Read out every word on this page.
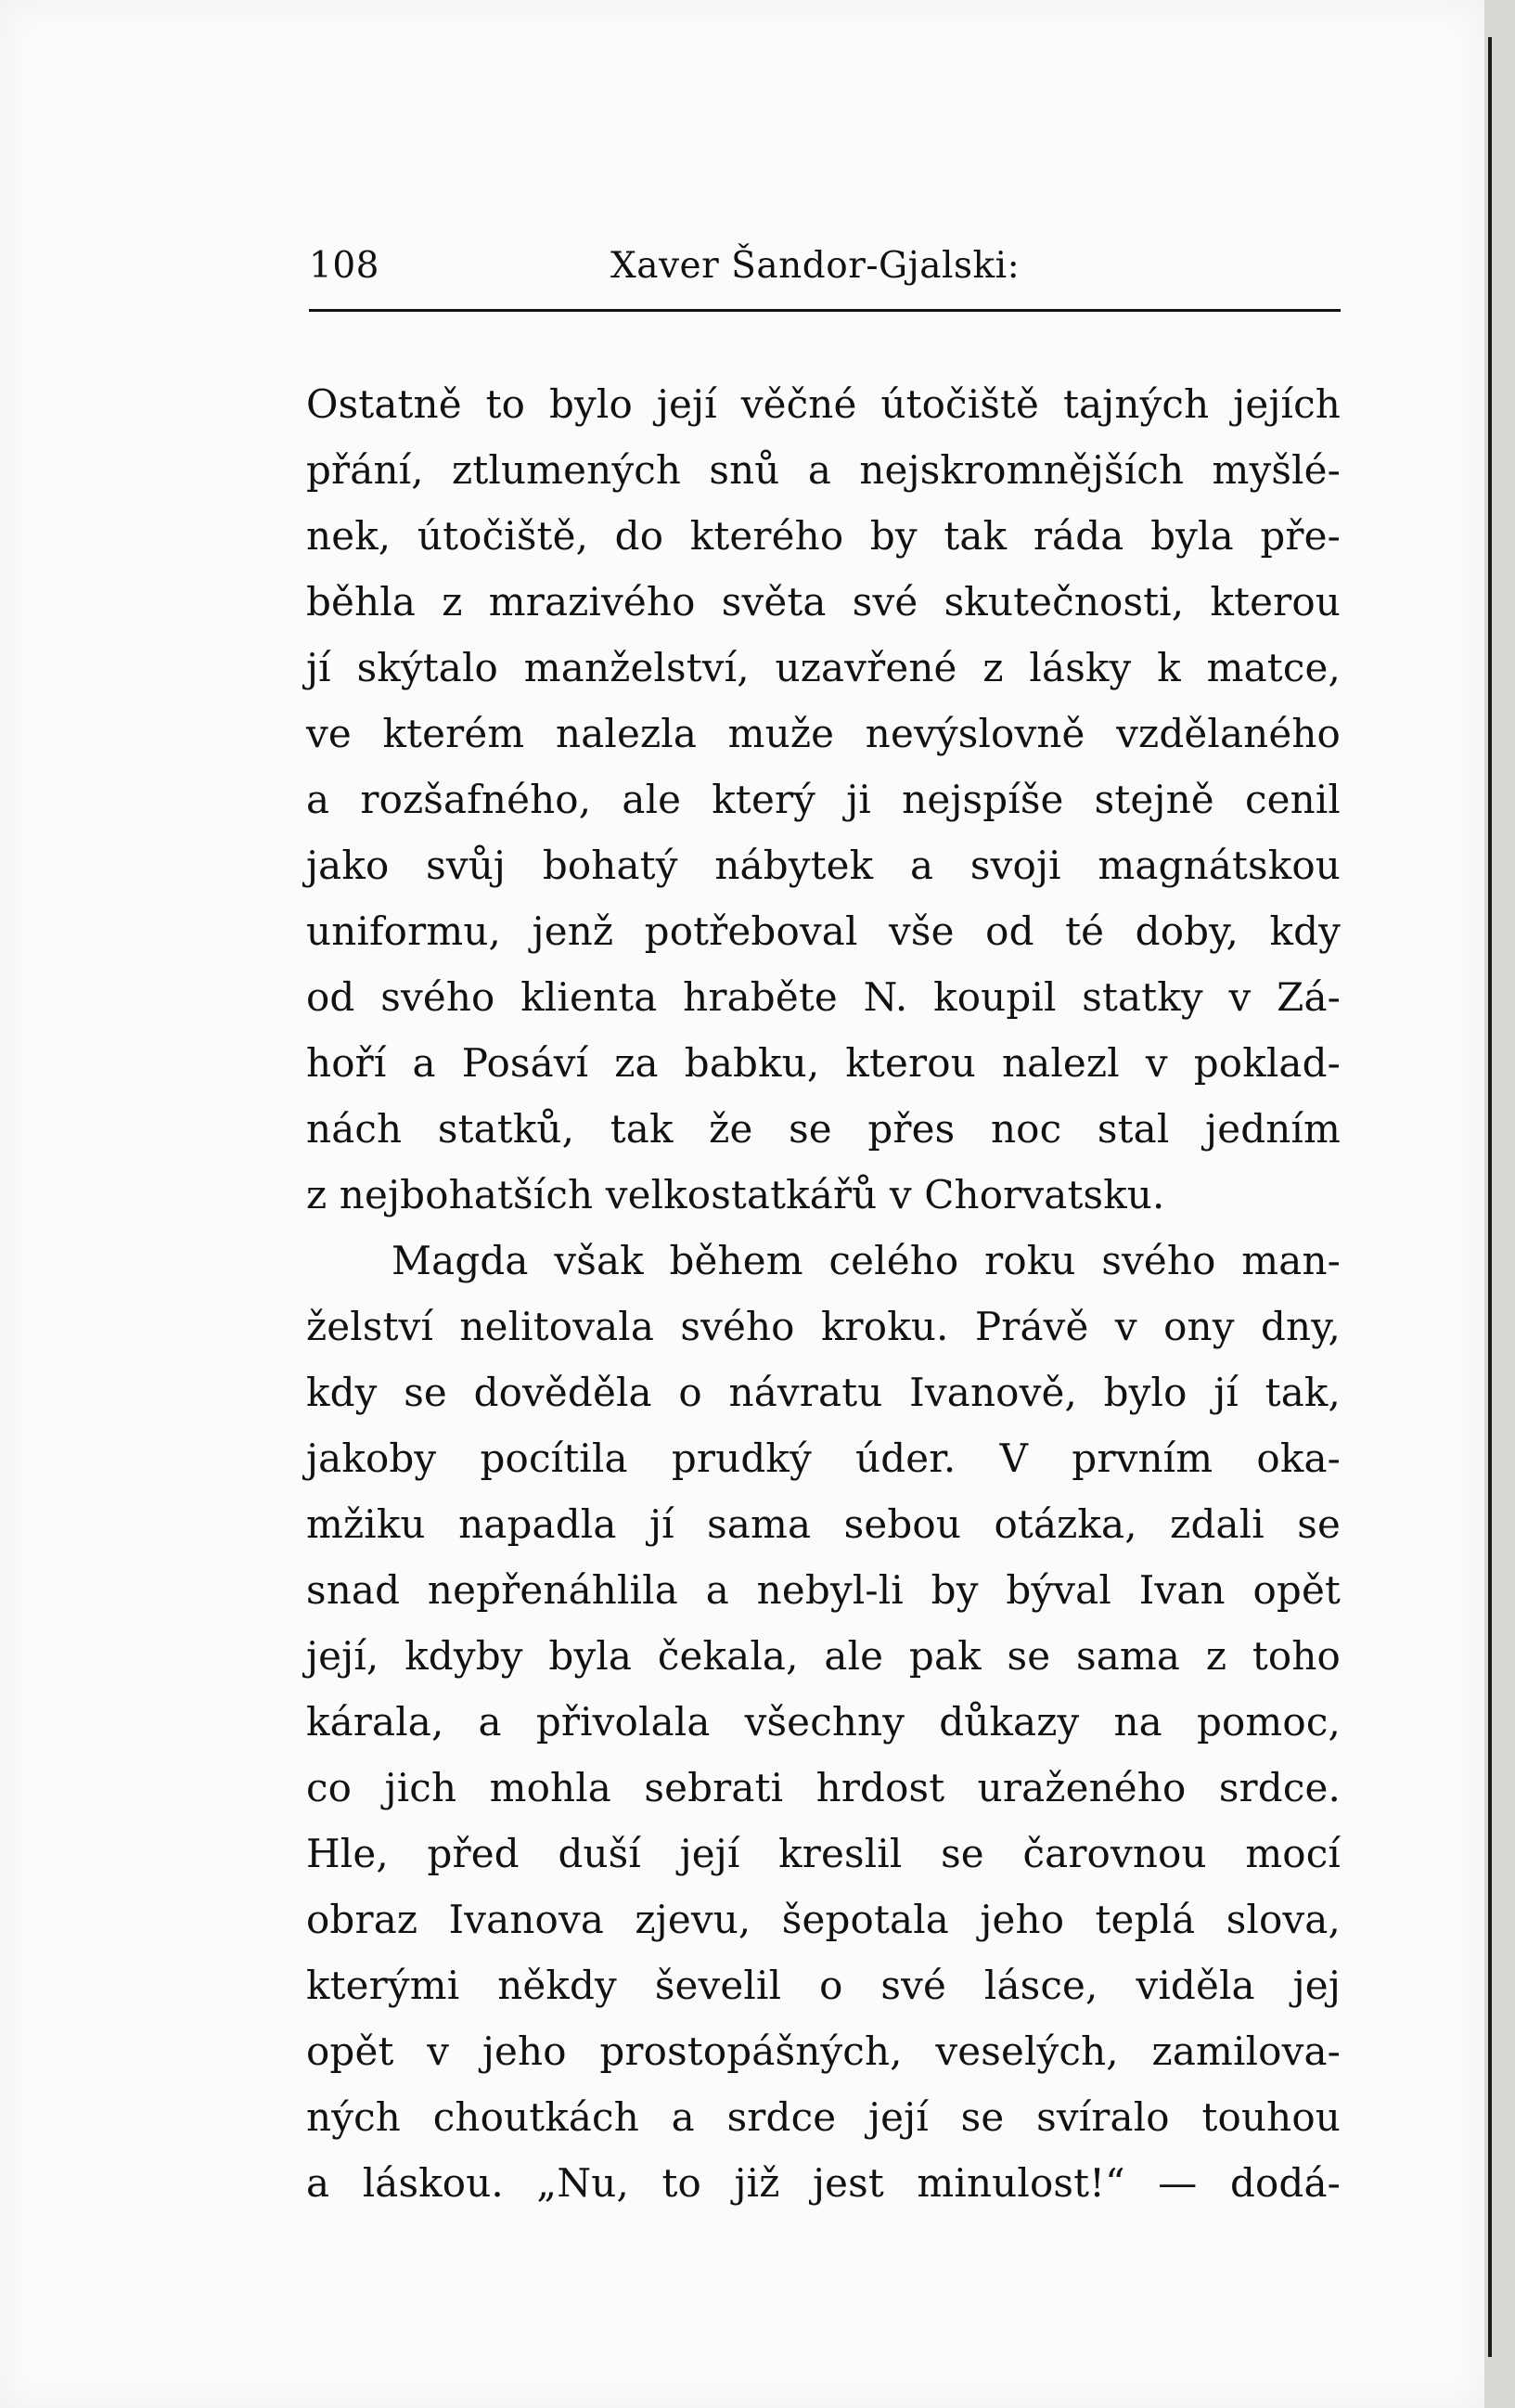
108	Xaver Šandor-Gjalski:
Ostatně to bylo její věčné útočiště tajných jejích
přání, ztlumených snů a nejskromnějších myšlé-
nek, útočiště, do kterého by tak ráda byla pře-
běhla z mrazivého světa své skutečnosti, kterou
jí skýtalo manželství, uzavřené z lásky k matce,
ve kterém nalezla muže nevýslovně vzdělaného
a rozšafného, ale který ji nejspíše stejně cenil
jako svůj bohatý nábytek a svoji magnátskou
uniformu, jenž potřeboval vše od té doby, kdy
od svého klienta hraběte N. koupil statky v Zá-
hoří a Posáví za babku, kterou nalezl v poklad-
nách statků, tak že se přes noc stal jedním
z nejbohatších velkostatkářů v Chorvatsku.
Magda však během celého roku svého man-
želství nelitovala svého kroku. Právě v ony dny,
kdy se dověděla o návratu Ivanově, bylo jí tak,
jakoby pocítila prudký úder. V prvním oka-
mžiku napadla jí sama sebou otázka, zdali se
snad nepřenáhlila a nebyl-li by býval Ivan opět
její, kdyby byla čekala, ale pak se sama z toho
kárala, a přivolala všechny důkazy na pomoc,
co jich mohla sebrati hrdost uraženého srdce.
Hle, před duší její kreslil se čarovnou mocí
obraz Ivanova zjevu, šepotala jeho teplá slova,
kterými někdy ševelil o své lásce, viděla jej
opět v jeho prostopášných, veselých, zamilova-
ných choutkách a srdce její se svíralo touhou
a láskou. „Nu, to již jest minulost!“ — dodá-
